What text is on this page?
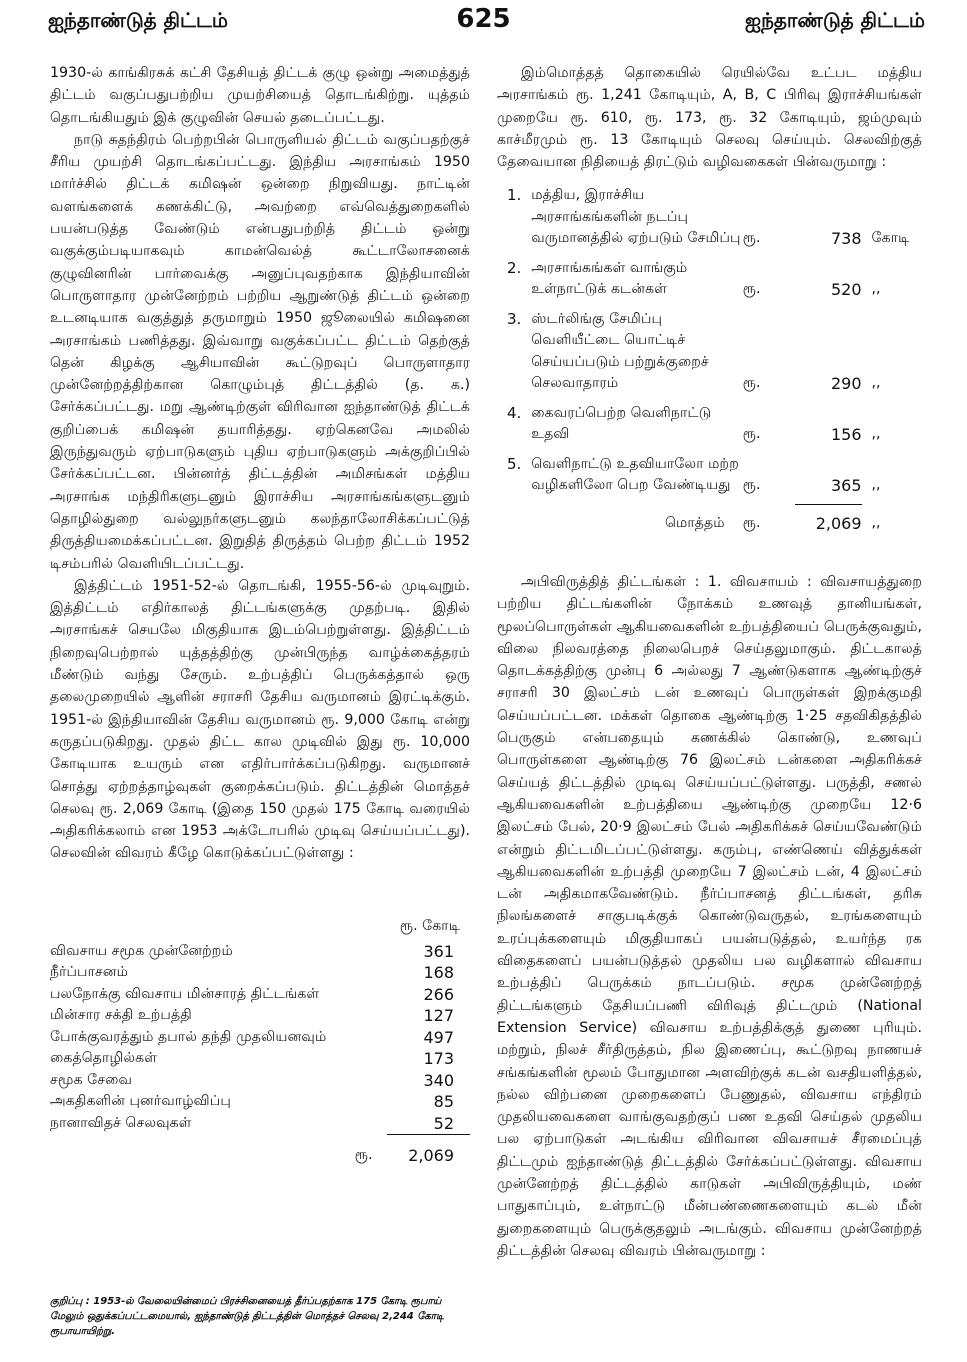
ஐந்தாண்டுத் திட்டம்	625	ஐந்தாண்டுத் திட்டம்

1930-ல் காங்கிரசுக் கட்சி தேசியத் திட்டக் குழு ஒன்று அமைத்துத் திட்டம் வகுப்பதுபற்றிய முயற்சியைத் தொடங்கிற்று. யுத்தம் தொடங்கியதும் இக் குழுவின் செயல் தடைப்பட்டது.

நாடு சுதந்திரம் பெற்றபின் பொருளியல் திட்டம் வகுப்பதற்குச் சீரிய முயற்சி தொடங்கப்பட்டது. இந்திய அரசாங்கம் 1950 மார்ச்சில் திட்டக் கமிஷன் ஒன்றை நிறுவியது. நாட்டின் வளங்களைக் கணக்கிட்டு, அவற்றை எவ்வெத்துறைகளில் பயன்படுத்த வேண்டும் என்பதுபற்றித் திட்டம் ஒன்று வகுக்கும்படியாகவும் காமன்வெல்த் கூட்டாலோசனைக் குழுவினரின் பார்வைக்கு அனுப்புவதற்காக இந்தியாவின் பொருளாதார முன்னேற்றம் பற்றிய ஆறுண்டுத் திட்டம் ஒன்றை உடனடியாக வகுத்துத் தருமாறும் 1950 ஜூலையில் கமிஷனை அரசாங்கம் பணித்தது. இவ்வாறு வகுக்கப்பட்ட திட்டம் தெற்குத் தென் கிழக்கு ஆசியாவின் கூட்டுறவுப் பொருளாதார முன்னேற்றத்திற்கான கொழும்புத் திட்டத்தில் (த. க.) சேர்க்கப்பட்டது. மறு ஆண்டிற்குள் விரிவான ஐந்தாண்டுத் திட்டக் குறிப்பைக் கமிஷன் தயாரித்தது. ஏற்கெனவே அமலில் இருந்துவரும் ஏற்பாடுகளும் புதிய ஏற்பாடுகளும் அக்குறிப்பில் சேர்க்கப்பட்டன. பின்னர்த் திட்டத்தின் அமிசங்கள் மத்திய அரசாங்க மந்திரிகளுடனும் இராச்சிய அரசாங்கங்களுடனும் தொழில்துறை வல்லுநர்களுடனும் கலந்தாலோசிக்கப்பட்டுத் திருத்தியமைக்கப்பட்டன. இறுதித் திருத்தம் பெற்ற திட்டம் 1952 டிசம்பரில் வெளியிடப்பட்டது.

இத்திட்டம் 1951-52-ல் தொடங்கி, 1955-56-ல் முடிவுறும். இத்திட்டம் எதிர்காலத் திட்டங்களுக்கு முதற்படி. இதில் அரசாங்கச் செயலே மிகுதியாக இடம்பெற்றுள்ளது. இத்திட்டம் நிறைவுபெற்றால் யுத்தத்திற்கு முன்பிருந்த வாழ்க்கைத்தரம் மீண்டும் வந்து சேரும். உற்பத்திப் பெருக்கத்தால் ஒரு தலைமுறையில் ஆளின் சராசரி தேசிய வருமானம் இரட்டிக்கும். 1951-ல் இந்தியாவின் தேசிய வருமானம் ரூ. 9,000 கோடி என்று கருதப்படுகிறது. முதல் திட்ட கால முடிவில் இது ரூ. 10,000 கோடியாக உயரும் என எதிர்பார்க்கப்படுகிறது. வருமானச் சொத்து ஏற்றத்தாழ்வுகள் குறைக்கப்படும். திட்டத்தின் மொத்தச் செலவு ரூ. 2,069 கோடி (இதை 150 முதல் 175 கோடி வரையில் அதிகரிக்கலாம் என 1953 அக்டோபரில் முடிவு செய்யப்பட்டது). செலவின் விவரம் கீழே கொடுக்கப்பட்டுள்ளது :

ரூ. கோடி
விவசாய சமூக முன்னேற்றம்	361
நீர்ப்பாசனம்	168
பலநோக்கு விவசாய மின்சாரத் திட்டங்கள்	266
மின்சார சக்தி உற்பத்தி	127
போக்குவரத்தும் தபால் தந்தி முதலியனவும்	497
கைத்தொழில்கள்	173
சமூக சேவை	340
அகதிகளின் புனர்வாழ்விப்பு	85
நானாவிதச் செலவுகள்	52
ரூ.	2,069
குறிப்பு : 1953-ல் வேலையின்மைப் பிரச்சினையைத் தீர்ப்பதற்காக 175 கோடி ரூபாய் மேலும் ஒதுக்கப்பட்டமையால், ஐந்தாண்டுத் திட்டத்தின் மொத்தச் செலவு 2,244 கோடி ரூபாயாயிற்று.

இம்மொத்தத் தொகையில் ரெயில்வே உட்பட மத்திய அரசாங்கம் ரூ. 1,241 கோடியும், A, B, C பிரிவு இராச்சியங்கள் முறையே ரூ. 610, ரூ. 173, ரூ. 32 கோடியும், ஜம்முவும் காச்மீரமும் ரூ. 13 கோடியும் செலவு செய்யும். செலவிற்குத் தேவையான நிதியைத் திரட்டும் வழிவகைகள் பின்வருமாறு :

1.	மத்திய, இராச்சிய அரசாங்கங்களின் நடப்பு வருமானத்தில் ஏற்படும் சேமிப்பு	ரூ.	738	கோடி
2.	அரசாங்கங்கள் வாங்கும் உள்நாட்டுக் கடன்கள்	ரூ.	520	,,
3.	ஸ்டர்லிங்கு சேமிப்பு வெளியீட்டை யொட்டிச் செய்யப்படும் பற்றுக்குறைச் செலவாதாரம்	ரூ.	290	,,
4.	கைவரப்பெற்ற வெளிநாட்டு உதவி	ரூ.	156	,,
5.	வெளிநாட்டு உதவியாலோ மற்ற வழிகளிலோ பெற வேண்டியது	ரூ.	365	,,
	மொத்தம்	ரூ.	2,069	,,

அபிவிருத்தித் திட்டங்கள் : 1. விவசாயம் : விவசாயத்துறை பற்றிய திட்டங்களின் நோக்கம் உணவுத் தானியங்கள், மூலப்பொருள்கள் ஆகியவைகளின் உற்பத்தியைப் பெருக்குவதும், விலை நிலவரத்தை நிலைபெறச் செய்தலுமாகும். திட்டகாலத் தொடக்கத்திற்கு முன்பு 6 அல்லது 7 ஆண்டுகளாக ஆண்டிற்குச் சராசரி 30 இலட்சம் டன் உணவுப் பொருள்கள் இறக்குமதி செய்யப்பட்டன. மக்கள் தொகை ஆண்டிற்கு 1·25 சதவிகிதத்தில் பெருகும் என்பதையும் கணக்கில் கொண்டு, உணவுப் பொருள்களை ஆண்டிற்கு 76 இலட்சம் டன்களை அதிகரிக்கச் செய்யத் திட்டத்தில் முடிவு செய்யப்பட்டுள்ளது. பருத்தி, சணல் ஆகியவைகளின் உற்பத்தியை ஆண்டிற்கு முறையே 12·6 இலட்சம் பேல், 20·9 இலட்சம் பேல் அதிகரிக்கச் செய்யவேண்டும் என்றும் திட்டமிடப்பட்டுள்ளது. கரும்பு, எண்ணெய் வித்துக்கள் ஆகியவைகளின் உற்பத்தி முறையே 7 இலட்சம் டன், 4 இலட்சம் டன் அதிகமாகவேண்டும். நீர்ப்பாசனத் திட்டங்கள், தரிசு நிலங்களைச் சாகுபடிக்குக் கொண்டுவருதல், உரங்களையும் உரப்புக்களையும் மிகுதியாகப் பயன்படுத்தல், உயர்ந்த ரக விதைகளைப் பயன்படுத்தல் முதலிய பல வழிகளால் விவசாய உற்பத்திப் பெருக்கம் நாடப்படும். சமூக முன்னேற்றத் திட்டங்களும் தேசியப்பணி விரிவுத் திட்டமும் (National Extension Service) விவசாய உற்பத்திக்குத் துணை புரியும். மற்றும், நிலச் சீர்திருத்தம், நில இணைப்பு, கூட்டுறவு நாணயச் சங்கங்களின் மூலம் போதுமான அளவிற்குக் கடன் வசதியளித்தல், நல்ல விற்பனை முறைகளைப் பேணுதல், விவசாய எந்திரம் முதலியவைகளை வாங்குவதற்குப் பண உதவி செய்தல் முதலிய பல ஏற்பாடுகள் அடங்கிய விரிவான விவசாயச் சீரமைப்புத் திட்டமும் ஐந்தாண்டுத் திட்டத்தில் சேர்க்கப்பட்டுள்ளது. விவசாய முன்னேற்றத் திட்டத்தில் காடுகள் அபிவிருத்தியும், மண் பாதுகாப்பும், உள்நாட்டு மீன்பண்ணைகளையும் கடல் மீன் துறைகளையும் பெருக்குதலும் அடங்கும். விவசாய முன்னேற்றத் திட்டத்தின் செலவு விவரம் பின்வருமாறு :
